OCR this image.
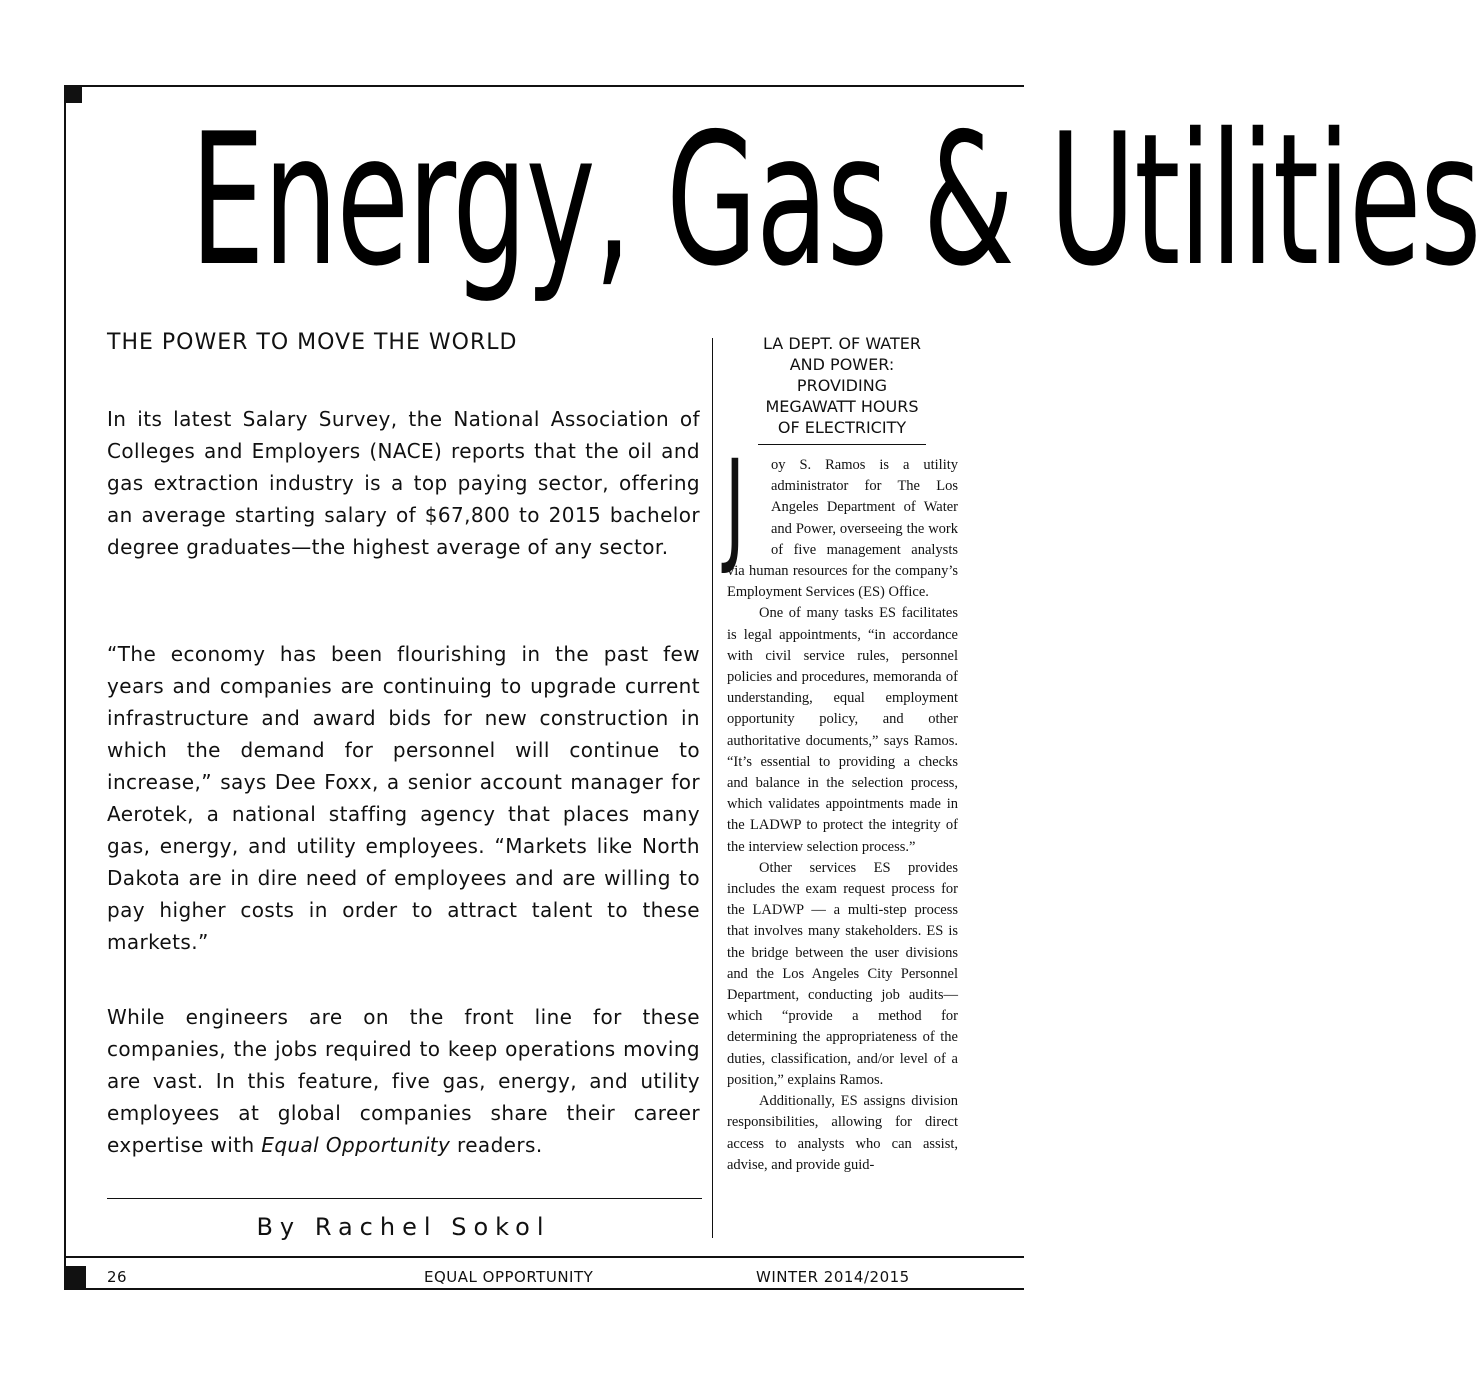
Energy, Gas & Utilities
THE POWER TO MOVE THE WORLD
In its latest Salary Survey, the National Association of Colleges and Employers (NACE) reports that the oil and gas extraction industry is a top paying sector, offering an average starting salary of $67,800 to 2015 bachelor degree graduates—the highest average of any sector.
“The economy has been flourishing in the past few years and companies are continuing to upgrade current infrastructure and award bids for new construction in which the demand for personnel will continue to increase,” says Dee Foxx, a senior account manager for Aerotek, a national staffing agency that places many gas, energy, and utility employees. “Markets like North Dakota are in dire need of employees and are willing to pay higher costs in order to attract talent to these markets.”
While engineers are on the front line for these companies, the jobs required to keep operations moving are vast. In this feature, five gas, energy, and utility employees at global companies share their career expertise with Equal Opportunity readers.
By Rachel Sokol
LA DEPT. OF WATER
AND POWER:
PROVIDING
MEGAWATT HOURS
OF ELECTRICITY

J oy S. Ramos is a utility administrator for The Los Angeles Department of Water and Power, overseeing the work of five management analysts via human resources for the company’s Employment Services (ES) Office.

One of many tasks ES facilitates is legal appointments, “in accordance with civil service rules, personnel policies and procedures, memoranda of understanding, equal employment opportunity policy, and other authoritative documents,” says Ramos. “It’s essential to providing a checks and balance in the selection process, which validates appointments made in the LADWP to protect the integrity of the interview selection process.”

Other services ES provides includes the exam request process for the LADWP — a multi-step process that involves many stakeholders. ES is the bridge between the user divisions and the Los Angeles City Personnel Department, conducting job audits—which “provide a method for determining the appropriateness of the duties, classification, and/or level of a position,” explains Ramos.

Additionally, ES assigns division responsibilities, allowing for direct access to analysts who can assist, advise, and provide guid-

26	EQUAL OPPORTUNITY	WINTER 2014/2015
